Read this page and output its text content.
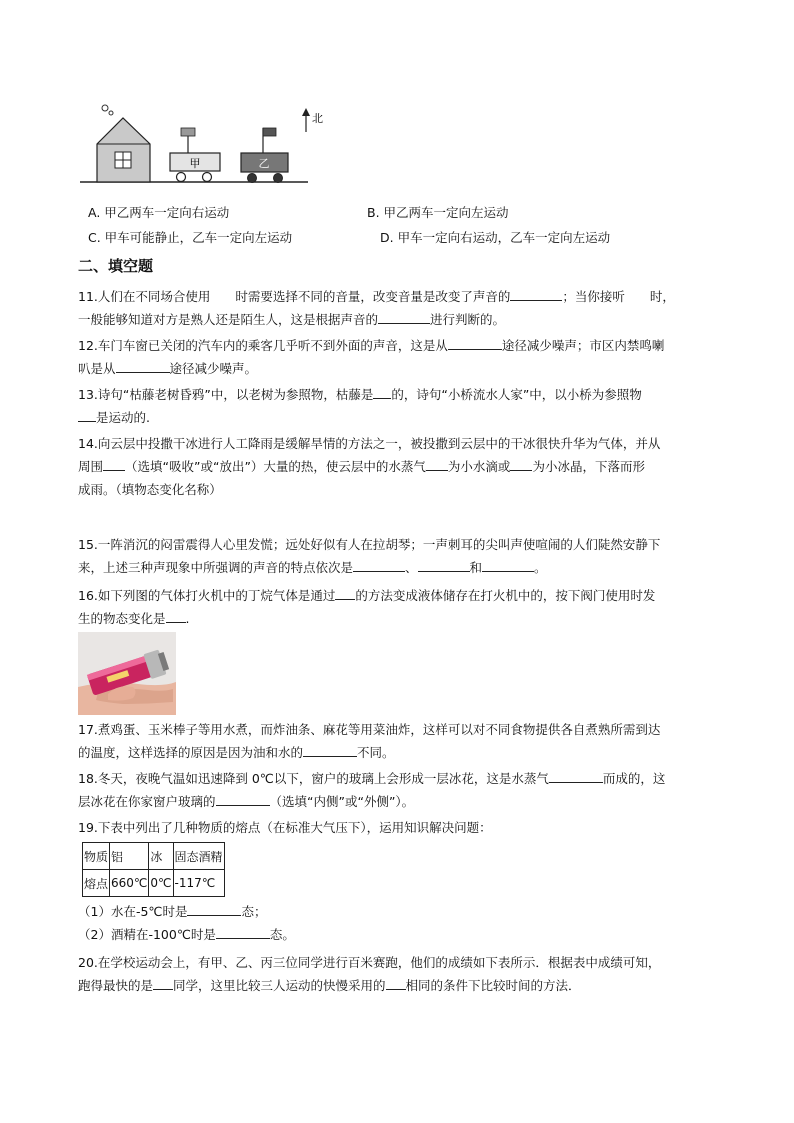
甲	乙
北
A. 甲乙两车一定向右运动	B. 甲乙两车一定向左运动
C. 甲车可能静止，乙车一定向左运动	D. 甲车一定向右运动，乙车一定向左运动
二、填空题

11.人们在不同场合使用　　时需要选择不同的音量，改变音量是改变了声音的	；当你接听　　时，

一般能够知道对方是熟人还是陌生人，这是根据声音的	进行判断的。

12.车门车窗已关闭的汽车内的乘客几乎听不到外面的声音，这是从	途径减少噪声；市区内禁鸣喇

叭是从	途径减少噪声。

13.诗句“枯藤老树昏鸦”中，以老树为参照物，枯藤是 的，诗句“小桥流水人家”中，以小桥为参照物

是运动的.

14.向云层中投撒干冰进行人工降雨是缓解旱情的方法之一，被投撒到云层中的干冰很快升华为气体，并从

周围 （选填“吸收”或“放出”）大量的热，使云层中的水蒸气 为小水滴或 为小冰晶，下落而形

成雨。（填物态变化名称）

15.一阵消沉的闷雷震得人心里发慌；远处好似有人在拉胡琴；一声刺耳的尖叫声使喧闹的人们陡然安静下

来，上述三种声现象中所强调的声音的特点依次是	、	和	。

16.如下列图的气体打火机中的丁烷气体是通过 的方法变成液体储存在打火机中的，按下阀门使用时发

生的物态变化是 .

17.煮鸡蛋、玉米棒子等用水煮，而炸油条、麻花等用菜油炸，这样可以对不同食物提供各自煮熟所需到达

的温度，这样选择的原因是因为油和水的	不同。

18.冬天，夜晚气温如迅速降到 0℃以下，窗户的玻璃上会形成一层冰花，这是水蒸气	而成的，这

层冰花在你家窗户玻璃的	（选填“内侧”或“外侧”）。

19.下表中列出了几种物质的熔点（在标准大气压下），运用知识解决问题：

物质	铝	冰	固态酒精
熔点	660℃	0℃	-117℃

（1）水在-5℃时是	态；

（2）酒精在-100℃时是	态。

20.在学校运动会上，有甲、乙、丙三位同学进行百米赛跑，他们的成绩如下表所示．根据表中成绩可知，

跑得最快的是 同学，这里比较三人运动的快慢采用的 相同的条件下比较时间的方法．
